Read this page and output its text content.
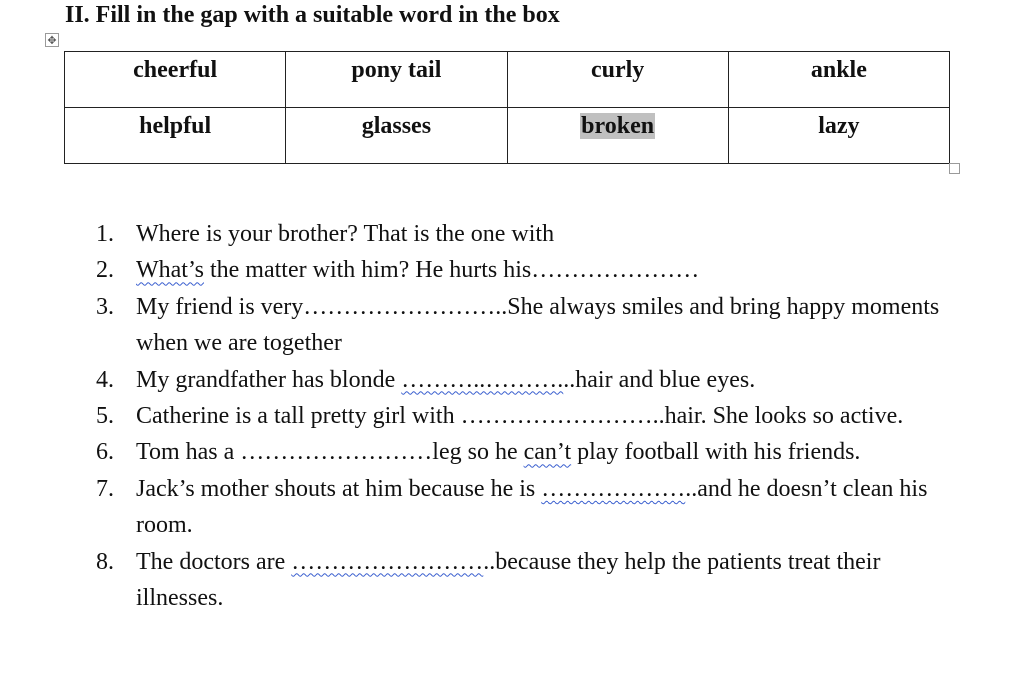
II. Fill in the gap with a suitable word in the box
✥
cheerful	pony tail	curly	ankle
helpful	glasses	broken	lazy
1. Where is your brother? That is the one with
2. What’s the matter with him? He hurts his…………………
3. My friend is very……………………..She always smiles and bring happy moments when we are together
4. My grandfather has blonde ………..………...hair and blue eyes.
5. Catherine is a tall pretty girl with ……………………..hair. She looks so active.
6. Tom has a ……………………leg so he can’t play football with his friends.
7. Jack’s mother shouts at him because he is ………………..and he doesn’t clean his room.
8. The doctors are ……………………..because they help the patients treat their illnesses.
